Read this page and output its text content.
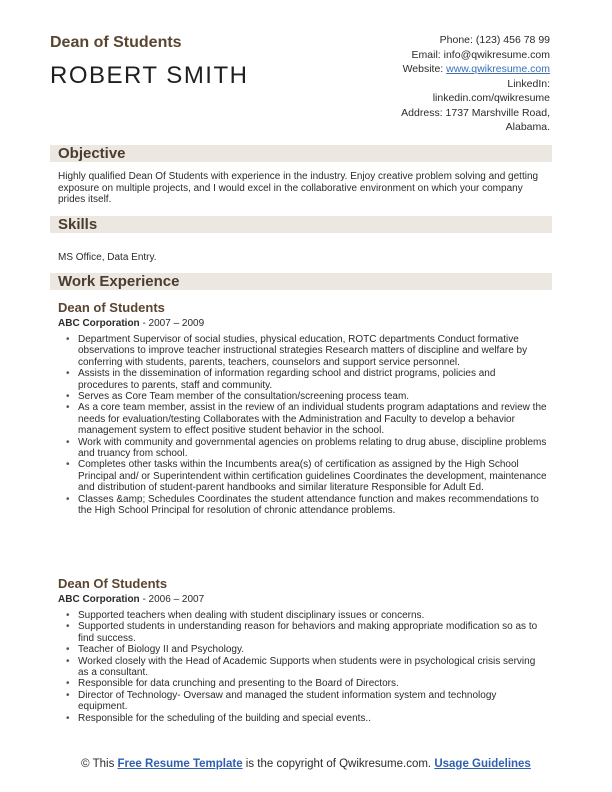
Dean of Students
ROBERT SMITH
Phone: (123) 456 78 99
Email: info@qwikresume.com
Website: www.qwikresume.com
LinkedIn:
linkedin.com/qwikresume
Address: 1737 Marshville Road,
Alabama.
Objective
Highly qualified Dean Of Students with experience in the industry. Enjoy creative problem solving and getting exposure on multiple projects, and I would excel in the collaborative environment on which your company prides itself.
Skills
MS Office, Data Entry.
Work Experience
Dean of Students
ABC Corporation - 2007 – 2009
• Department Supervisor of social studies, physical education, ROTC departments Conduct formative observations to improve teacher instructional strategies Research matters of discipline and welfare by conferring with students, parents, teachers, counselors and support service personnel.
• Assists in the dissemination of information regarding school and district programs, policies and procedures to parents, staff and community.
• Serves as Core Team member of the consultation/screening process team.
• As a core team member, assist in the review of an individual students program adaptations and review the needs for evaluation/testing Collaborates with the Administration and Faculty to develop a behavior management system to effect positive student behavior in the school.
• Work with community and governmental agencies on problems relating to drug abuse, discipline problems and truancy from school.
• Completes other tasks within the Incumbents area(s) of certification as assigned by the High School Principal and/ or Superintendent within certification guidelines Coordinates the development, maintenance and distribution of student-parent handbooks and similar literature Responsible for Adult Ed.
• Classes &amp; Schedules Coordinates the student attendance function and makes recommendations to the High School Principal for resolution of chronic attendance problems.
Dean Of Students
ABC Corporation - 2006 – 2007
• Supported teachers when dealing with student disciplinary issues or concerns.
• Supported students in understanding reason for behaviors and making appropriate modification so as to find success.
• Teacher of Biology II and Psychology.
• Worked closely with the Head of Academic Supports when students were in psychological crisis serving as a consultant.
• Responsible for data crunching and presenting to the Board of Directors.
• Director of Technology- Oversaw and managed the student information system and technology equipment.
• Responsible for the scheduling of the building and special events..
© This Free Resume Template is the copyright of Qwikresume.com. Usage Guidelines
